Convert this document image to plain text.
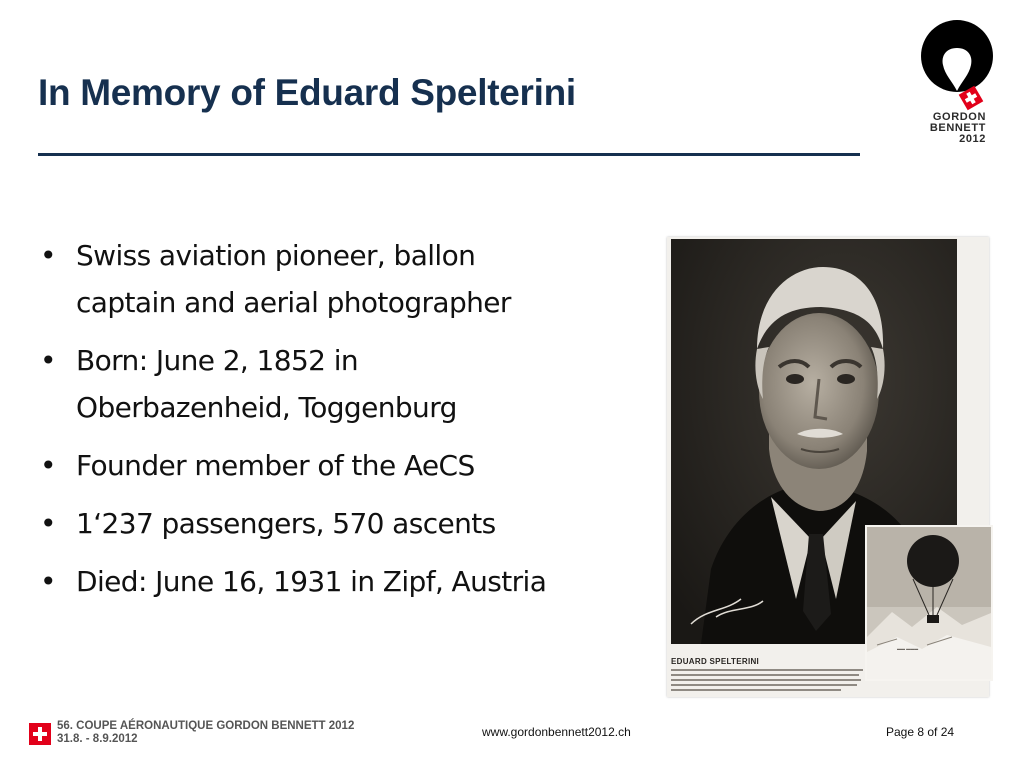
In Memory of Eduard Spelterini
GORDON
BENNETT
2012
• Swiss aviation pioneer, ballon
captain and aerial photographer
• Born: June 2, 1852 in
Oberbazenheid, Toggenburg
• Founder member of the AeCS
• 1‘237 passengers, 570 ascents
• Died: June 16, 1931 in Zipf, Austria
▬▬ ▬▬▬
EDUARD SPELTERINI
56. COUPE AÉRONAUTIQUE GORDON BENNETT 2012
31.8. - 8.9.2012	www.gordonbennett2012.ch	Page 8 of 24
